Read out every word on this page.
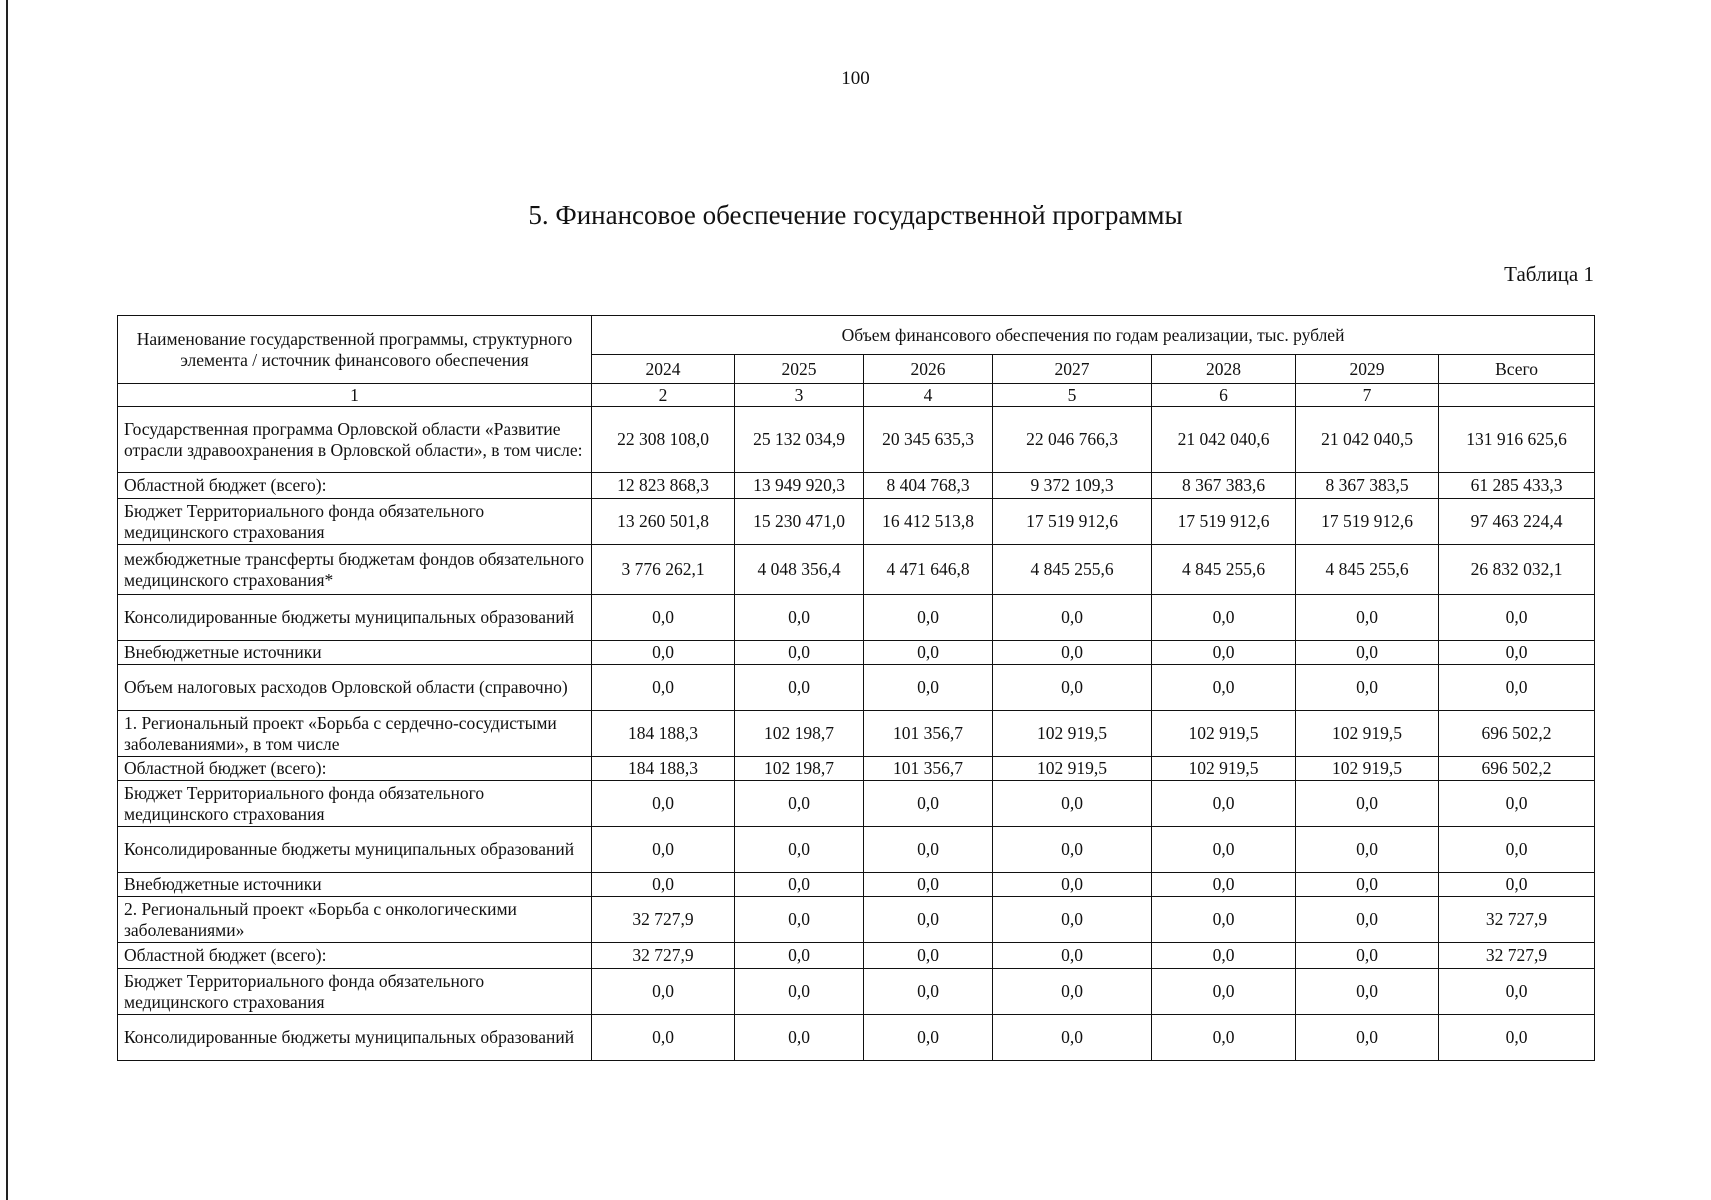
100
5. Финансовое обеспечение государственной программы
Таблица 1
Наименование государственной программы, структурного элемента / источник финансового обеспечения	Объем финансового обеспечения по годам реализации, тыс. рублей						
	2024	2025	2026	2027	2028	2029	Всего
1	2	3	4	5	6	7	
Государственная программа Орловской области «Развитие отрасли здравоохранения в Орловской области», в том числе:	22 308 108,0	25 132 034,9	20 345 635,3	22 046 766,3	21 042 040,6	21 042 040,5	131 916 625,6
Областной бюджет (всего):	12 823 868,3	13 949 920,3	8 404 768,3	9 372 109,3	8 367 383,6	8 367 383,5	61 285 433,3
Бюджет Территориального фонда обязательного медицинского страхования	13 260 501,8	15 230 471,0	16 412 513,8	17 519 912,6	17 519 912,6	17 519 912,6	97 463 224,4
межбюджетные трансферты бюджетам фондов обязательного медицинского страхования*	3 776 262,1	4 048 356,4	4 471 646,8	4 845 255,6	4 845 255,6	4 845 255,6	26 832 032,1
Консолидированные бюджеты муниципальных образований	0,0	0,0	0,0	0,0	0,0	0,0	0,0
Внебюджетные источники	0,0	0,0	0,0	0,0	0,0	0,0	0,0
Объем налоговых расходов Орловской области (справочно)	0,0	0,0	0,0	0,0	0,0	0,0	0,0
1. Региональный проект «Борьба с сердечно-сосудистыми заболеваниями», в том числе	184 188,3	102 198,7	101 356,7	102 919,5	102 919,5	102 919,5	696 502,2
Областной бюджет (всего):	184 188,3	102 198,7	101 356,7	102 919,5	102 919,5	102 919,5	696 502,2
Бюджет Территориального фонда обязательного медицинского страхования	0,0	0,0	0,0	0,0	0,0	0,0	0,0
Консолидированные бюджеты муниципальных образований	0,0	0,0	0,0	0,0	0,0	0,0	0,0
Внебюджетные источники	0,0	0,0	0,0	0,0	0,0	0,0	0,0
2. Региональный проект «Борьба с онкологическими заболеваниями»	32 727,9	0,0	0,0	0,0	0,0	0,0	32 727,9
Областной бюджет (всего):	32 727,9	0,0	0,0	0,0	0,0	0,0	32 727,9
Бюджет Территориального фонда обязательного медицинского страхования	0,0	0,0	0,0	0,0	0,0	0,0	0,0
Консолидированные бюджеты муниципальных образований	0,0	0,0	0,0	0,0	0,0	0,0	0,0
